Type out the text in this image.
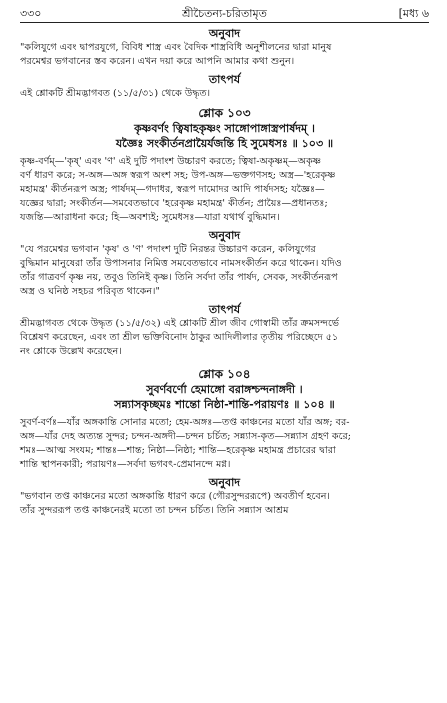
৩৩০	শ্রীচৈতন্য-চরিতামৃত	[মধ্য ৬

অনুবাদ

"কলিযুগে এবং দ্বাপরযুগে, বিবিধ শাস্ত্র এবং বৈদিক শাস্ত্রবিধি অনুশীলনের দ্বারা মানুষ

পরমেশ্বর ভগবানের স্তব করেন। এখন দয়া করে আপনি আমার কথা শুনুন।

তাৎপর্য

এই শ্লোকটি শ্রীমদ্ভাগবত (১১/৫/৩১) থেকে উদ্ধৃত।

শ্লোক ১০৩

কৃষ্ণবর্ণং ত্বিষাহকৃষ্ণং সাঙ্গোপাঙ্গাস্ত্রপার্ষদম্ ।

যজ্ঞৈঃ সংকীর্তনপ্রায়ৈর্যজন্তি হি সুমেধসঃ ॥ ১০৩ ॥

কৃষ্ণ-বর্ণম্—'কৃষ্' এবং 'ণ' এই দুটি পদাংশ উচ্চারণ করতে; ত্বিষা-অকৃষ্ণম্—অকৃষ্ণ

বর্ণ ধারণ করে; স-অঙ্গ—অঙ্গ স্বরূপ অংশ সহ; উপ-অঙ্গ—ভক্তগণসহ; অস্ত্র—'হরেকৃষ্ণ

মহামন্ত্র' কীর্তনরূপ অস্ত্র; পার্ষদম্—গদাধর, স্বরূপ দামোদর আদি পার্ষদসহ; যজ্ঞৈঃ—

যজ্ঞের দ্বারা; সংকীর্তন—সমবেতভাবে 'হরেকৃষ্ণ মহামন্ত্র' কীর্তন; প্রায়ৈঃ—প্রধানতঃ;

যজন্তি—আরাধনা করে; হি—অবশ্যই; সুমেধসঃ—যারা যথার্থ বুদ্ধিমান।

অনুবাদ

"যে পরমেশ্বর ভগবান 'কৃষ' ও 'ণ' পদাংশ দুটি নিরন্তর উচ্চারণ করেন, কলিযুগের

বুদ্ধিমান মানুষেরা তাঁর উপাসনার নিমিত্ত সমবেতভাবে নামসংকীর্তন করে থাকেন। যদিও

তাঁর গাত্রবর্ণ কৃষ্ণ নয়, তবুও তিনিই কৃষ্ণ। তিনি সর্বদা তাঁর পার্ষদ, সেবক, সংকীর্তনরূপ

অস্ত্র ও ঘনিষ্ঠ সহচর পরিবৃত থাকেন।"

তাৎপর্য

শ্রীমদ্ভাগবত থেকে উদ্ধৃত (১১/৫/৩২) এই শ্লোকটি শ্রীল জীব গোস্বামী তাঁর ক্রমসন্দর্ভে

বিশ্লেষণ করেছেন, এবং তা শ্রীল ভক্তিবিনোদ ঠাকুর আদিলীলার তৃতীয় পরিচ্ছেদে ৫১

নং শ্লোকে উল্লেখ করেছেন।

শ্লোক ১০৪

সুবর্ণবর্ণো হেমাঙ্গো বরাঙ্গশ্চন্দনাঙ্গদী ।

সন্ন্যাসকৃচ্ছমঃ শান্তো নিষ্ঠা-শান্তি-পরায়ণঃ ॥ ১০৪ ॥

সুবর্ণ-বর্ণঃ—যাঁর অঙ্গকান্তি সোনার মতো; হেম-অঙ্গঃ—তপ্ত কাঞ্চনের মতো যাঁর অঙ্গ; বর-

অঙ্গ—যাঁর দেহ অত্যন্ত সুন্দর; চন্দন-অঙ্গদী—চন্দন চর্চিত; সন্ন্যাস-কৃত—সন্ন্যাস গ্রহণ করে;

শমঃ—আত্ম সংযম; শান্তঃ—শান্ত; নিষ্ঠা—নিষ্ঠা; শান্তি—হরেকৃষ্ণ মহামন্ত্র প্রচারের দ্বারা

শান্তি স্থাপনকারী; পরায়ণঃ—সর্বদা ভগবৎ-প্রেমানন্দে মগ্ন।

অনুবাদ

"ভগবান তপ্ত কাঞ্চনের মতো অঙ্গকান্তি ধারণ করে (গৌরসুন্দররূপে) অবতীর্ণ হবেন।

তাঁর সুন্দররূপ তপ্ত কাঞ্চনেরই মতো তা চন্দন চর্চিত। তিনি সন্ন্যাস আশ্রম
